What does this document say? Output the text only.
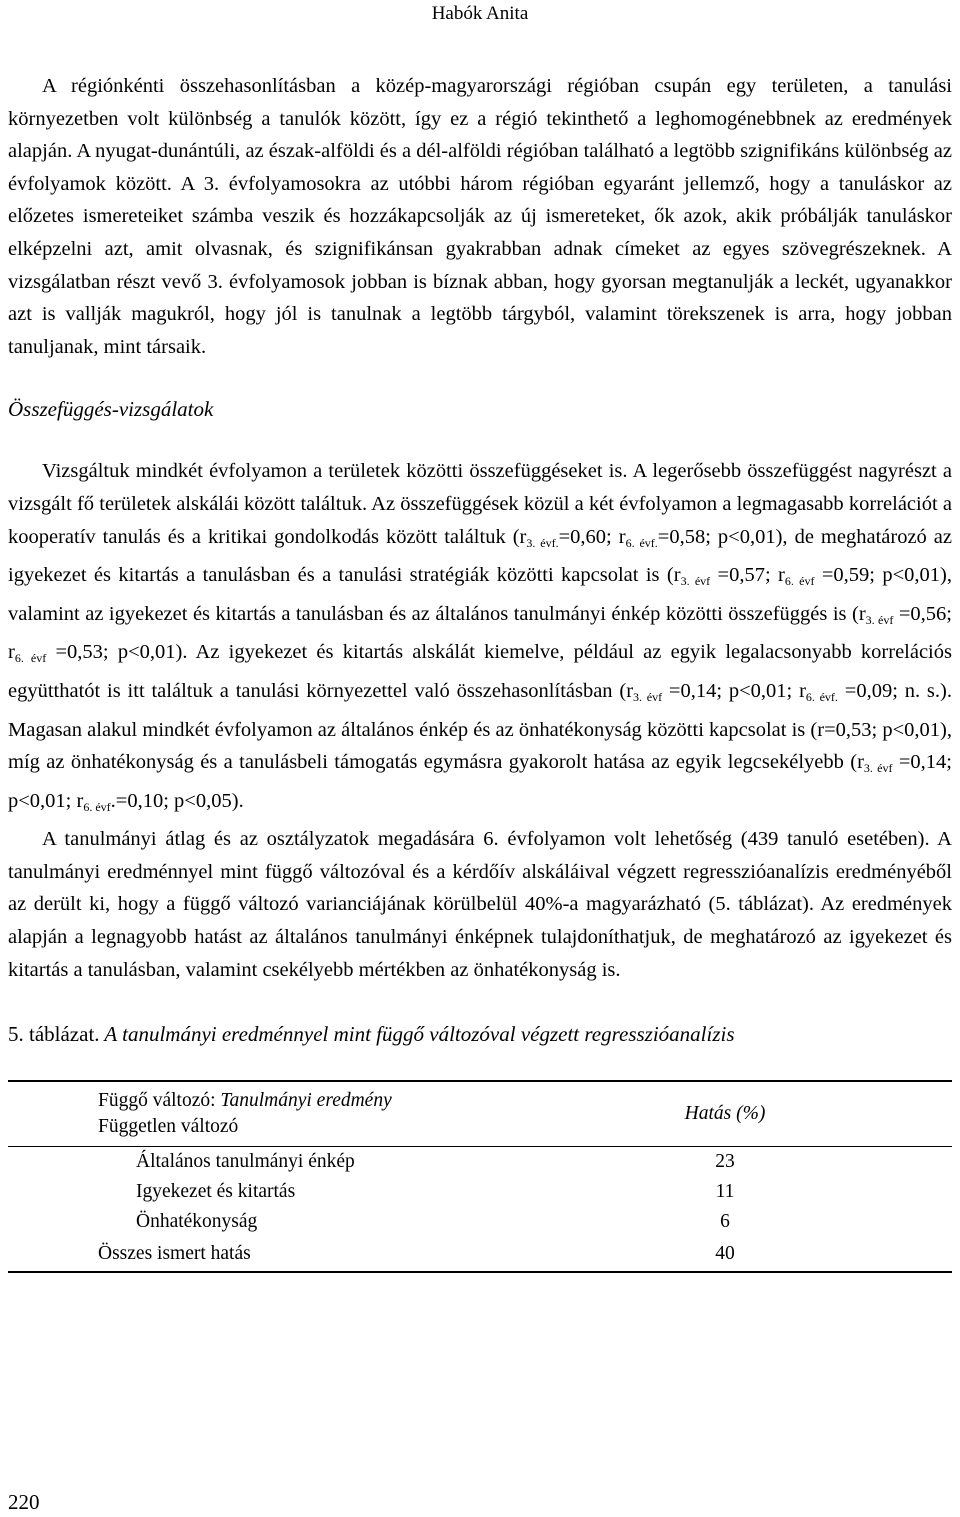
Habók Anita

A régiónkénti összehasonlításban a közép-magyarországi régióban csupán egy területen, a tanulási környezetben volt különbség a tanulók között, így ez a régió tekinthető a leghomogénebbnek az eredmények alapján. A nyugat-dunántúli, az észak-alföldi és a dél-alföldi régióban található a legtöbb szignifikáns különbség az évfolyamok között. A 3. évfolyamosokra az utóbbi három régióban egyaránt jellemző, hogy a tanuláskor az előzetes ismereteiket számba veszik és hozzákapcsolják az új ismereteket, ők azok, akik próbálják tanuláskor elképzelni azt, amit olvasnak, és szignifikánsan gyakrabban adnak címeket az egyes szövegrészeknek. A vizsgálatban részt vevő 3. évfolyamosok jobban is bíznak abban, hogy gyorsan megtanulják a leckét, ugyanakkor azt is vallják magukról, hogy jól is tanulnak a legtöbb tárgyból, valamint törekszenek is arra, hogy jobban tanuljanak, mint társaik.

Összefüggés-vizsgálatok

Vizsgáltuk mindkét évfolyamon a területek közötti összefüggéseket is. A legerősebb összefüggést nagyrészt a vizsgált fő területek alskálái között találtuk. Az összefüggések közül a két évfolyamon a legmagasabb korrelációt a kooperatív tanulás és a kritikai gondolkodás között találtuk ($r_{3. évf.}=0,60$; $r_{6. évf.}=0,58$; p<0,01), de meghatározó az igyekezet és kitartás a tanulásban és a tanulási stratégiák közötti kapcsolat is ($r_{3. évf} =0,57$; $r_{6. évf} =0,59$; p<0,01), valamint az igyekezet és kitartás a tanulásban és az általános tanulmányi énkép közötti összefüggés is ($r_{3. évf} =0,56$; $r_{6. évf} =0,53$; p<0,01). Az igyekezet és kitartás alskálát kiemelve, például az egyik legalacsonyabb korrelációs együtthatót is itt találtuk a tanulási környezettel való összehasonlításban ($r_{3. évf} =0,14$; p<0,01; $r_{6. évf.} =0,09$; n. s.). Magasan alakul mindkét évfolyamon az általános énkép és az önhatékonyság közötti kapcsolat is (r=0,53; p<0,01), míg az önhatékonyság és a tanulásbeli támogatás egymásra gyakorolt hatása az egyik legcsekélyebb ($r_{3. évf} =0,14$; p<0,01; $r_{6. évf}.=0,10$; p<0,05).

A tanulmányi átlag és az osztályzatok megadására 6. évfolyamon volt lehetőség (439 tanuló esetében). A tanulmányi eredménnyel mint függő változóval és a kérdőív alskáláival végzett regresszióanalízis eredményéből az derült ki, hogy a függő változó varianciájának körülbelül 40%-a magyarázható (5. táblázat). Az eredmények alapján a legnagyobb hatást az általános tanulmányi énképnek tulajdoníthatjuk, de meghatározó az igyekezet és kitartás a tanulásban, valamint csekélyebb mértékben az önhatékonyság is.

5. táblázat. A tanulmányi eredménnyel mint függő változóval végzett regresszióanalízis
Függő változó: Tanulmányi eredmény
Független változó	Hatás (%)
Általános tanulmányi énkép	23
Igyekezet és kitartás	11
Önhatékonyság	6
Összes ismert hatás	40
220
